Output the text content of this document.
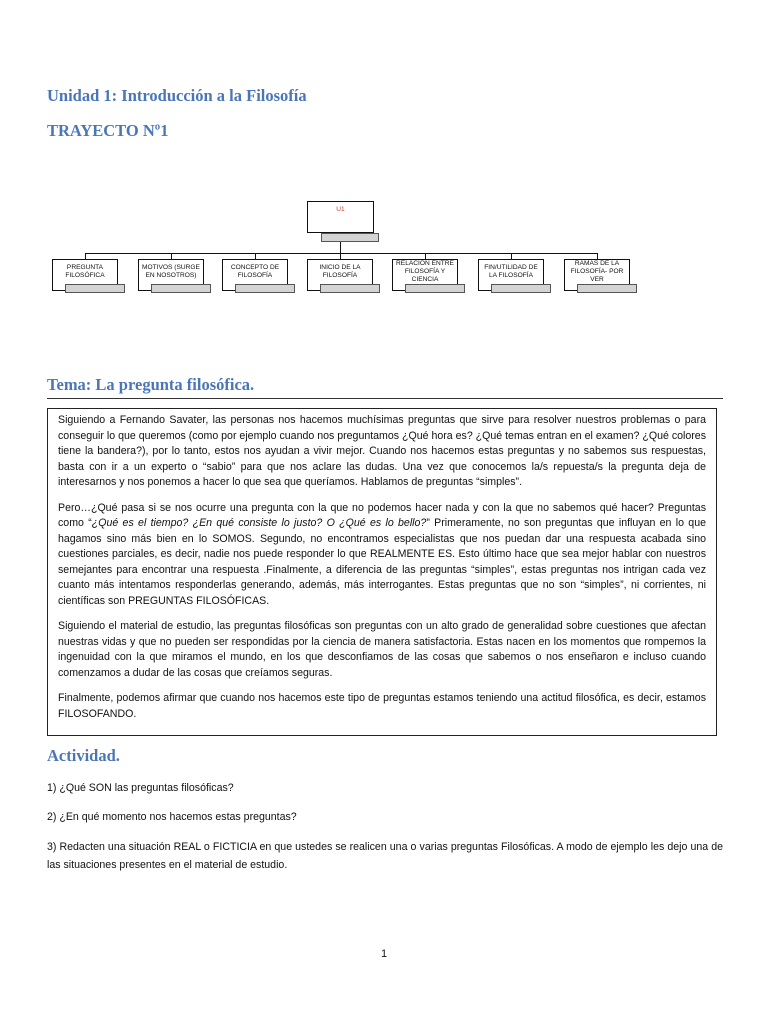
Unidad 1: Introducción a la Filosofía
TRAYECTO Nº1
U1
PREGUNTA FILOSÓFICA
MOTIVOS (SURGE EN NOSOTROS)
CONCEPTO DE FILOSOFÍA
INICIO DE LA FILOSOFÍA
RELACIÓN ENTRE FILOSOFÍA Y CIENCIA
FIN/UTILIDAD DE LA FILOSOFÍA
RAMAS DE LA FILOSOFÍA- POR VER
Tema: La pregunta filosófica.

Siguiendo a Fernando Savater, las personas nos hacemos muchísimas preguntas que sirve para resolver nuestros problemas o para conseguir lo que queremos (como por ejemplo cuando nos preguntamos ¿Qué hora es? ¿Qué temas entran en el examen? ¿Qué colores tiene la bandera?), por lo tanto, estos nos ayudan a vivir mejor. Cuando nos hacemos estas preguntas y no sabemos sus respuestas, basta con ir a un experto o “sabio” para que nos aclare las dudas. Una vez que conocemos la/s repuesta/s la pregunta deja de interesarnos y nos ponemos a hacer lo que sea que queríamos. Hablamos de preguntas “simples”.

Pero…¿Qué pasa si se nos ocurre una pregunta con la que no podemos hacer nada y con la que no sabemos qué hacer? Preguntas como “¿Qué es el tiempo? ¿En qué consiste lo justo? O ¿Qué es lo bello?” Primeramente, no son preguntas que influyan en lo que hagamos sino más bien en lo SOMOS. Segundo, no encontramos especialistas que nos puedan dar una respuesta acabada sino cuestiones parciales, es decir, nadie nos puede responder lo que REALMENTE ES. Esto último hace que sea mejor hablar con nuestros semejantes para encontrar una respuesta .Finalmente, a diferencia de las preguntas “simples”, estas preguntas nos intrigan cada vez cuanto más intentamos responderlas generando, además, más interrogantes. Estas preguntas que no son “simples”, ni corrientes, ni científicas son PREGUNTAS FILOSÓFICAS.

Siguiendo el material de estudio, las preguntas filosóficas son preguntas con un alto grado de generalidad sobre cuestiones que afectan nuestras vidas y que no pueden ser respondidas por la ciencia de manera satisfactoria. Estas nacen en los momentos que rompemos la ingenuidad con la que miramos el mundo, en los que desconfiamos de las cosas que sabemos o nos enseñaron e incluso cuando comenzamos a dudar de las cosas que creíamos seguras.

Finalmente, podemos afirmar que cuando nos hacemos este tipo de preguntas estamos teniendo una actitud filosófica, es decir, estamos FILOSOFANDO.

Actividad.

1) ¿Qué SON las preguntas filosóficas?

2) ¿En qué momento nos hacemos estas preguntas?

3) Redacten una situación REAL o FICTICIA en que ustedes se realicen una o varias preguntas Filosóficas. A modo de ejemplo les dejo una de las situaciones presentes en el material de estudio.

1
